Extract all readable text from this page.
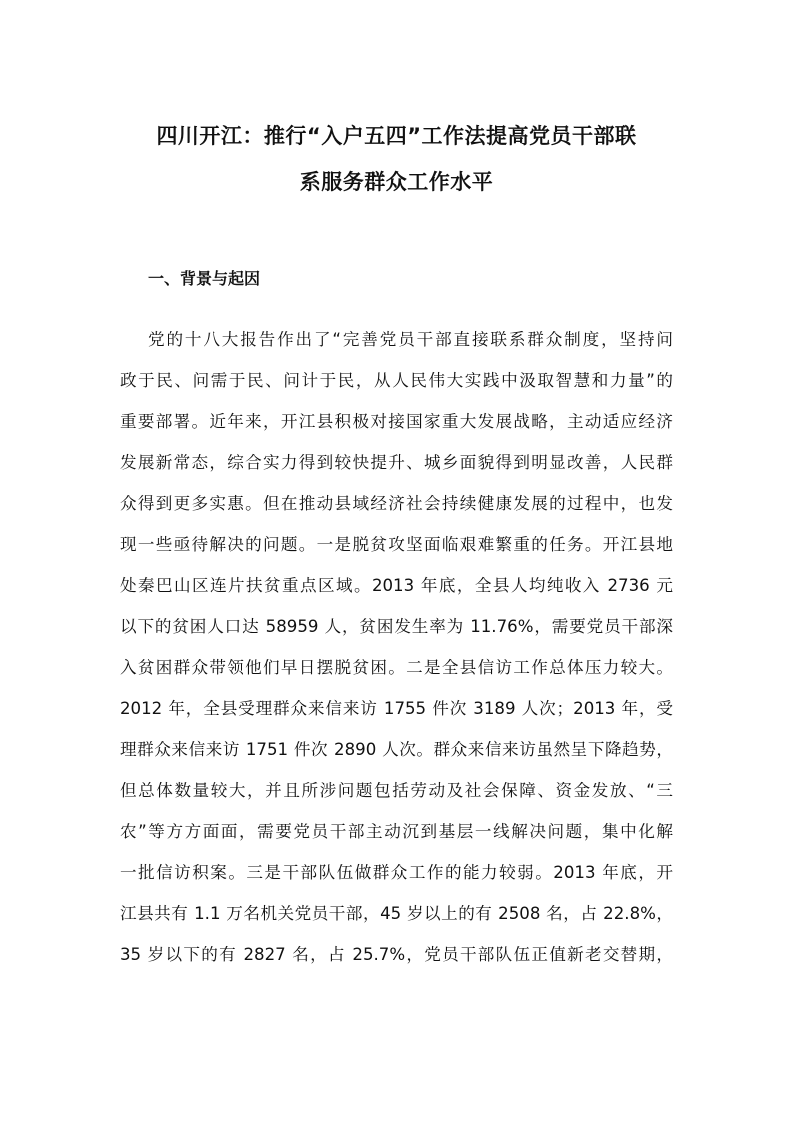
四川开江：推行“入户五四”工作法提高党员干部联
系服务群众工作水平
一、背景与起因
党的十八大报告作出了“完善党员干部直接联系群众制度，坚持问
政于民、问需于民、问计于民，从人民伟大实践中汲取智慧和力量”的
重要部署。近年来，开江县积极对接国家重大发展战略，主动适应经济
发展新常态，综合实力得到较快提升、城乡面貌得到明显改善，人民群
众得到更多实惠。但在推动县域经济社会持续健康发展的过程中，也发
现一些亟待解决的问题。一是脱贫攻坚面临艰难繁重的任务。开江县地
处秦巴山区连片扶贫重点区域。2013 年底，全县人均纯收入 2736 元
以下的贫困人口达 58959 人，贫困发生率为 11.76%，需要党员干部深
入贫困群众带领他们早日摆脱贫困。二是全县信访工作总体压力较大。
2012 年，全县受理群众来信来访 1755 件次 3189 人次；2013 年，受
理群众来信来访 1751 件次 2890 人次。群众来信来访虽然呈下降趋势，
但总体数量较大，并且所涉问题包括劳动及社会保障、资金发放、“三
农”等方方面面，需要党员干部主动沉到基层一线解决问题，集中化解
一批信访积案。三是干部队伍做群众工作的能力较弱。2013 年底，开
江县共有 1.1 万名机关党员干部，45 岁以上的有 2508 名，占 22.8%，
35 岁以下的有 2827 名，占 25.7%，党员干部队伍正值新老交替期，
